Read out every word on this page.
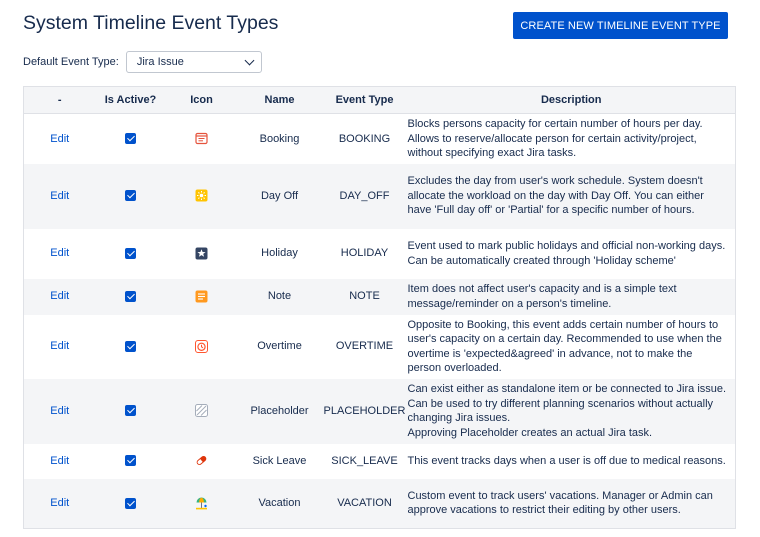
System Timeline Event Types	CREATE NEW TIMELINE EVENT TYPE
Default Event Type: Jira Issue
-	Is Active?	Icon	Name	Event Type	Description
Edit			Booking	BOOKING	Blocks persons capacity for certain number of hours per day. Allows to reserve/allocate person for certain activity/project, without specifying exact Jira tasks.
Edit			Day Off	DAY_OFF	Excludes the day from user's work schedule. System doesn't allocate the workload on the day with Day Off. You can either have 'Full day off' or 'Partial' for a specific number of hours.
Edit			Holiday	HOLIDAY	Event used to mark public holidays and official non-working days. Can be automatically created through 'Holiday scheme'
Edit			Note	NOTE	Item does not affect user's capacity and is a simple text message/reminder on a person's timeline.
Edit			Overtime	OVERTIME	Opposite to Booking, this event adds certain number of hours to user's capacity on a certain day. Recommended to use when the overtime is 'expected&agreed' in advance, not to make the person overloaded.
Edit			Placeholder	PLACEHOLDER	Can exist either as standalone item or be connected to Jira issue. Can be used to try different planning scenarios without actually changing Jira issues.
Approving Placeholder creates an actual Jira task.
Edit			Sick Leave	SICK_LEAVE	This event tracks days when a user is off due to medical reasons.
Edit			Vacation	VACATION	Custom event to track users' vacations. Manager or Admin can approve vacations to restrict their editing by other users.
